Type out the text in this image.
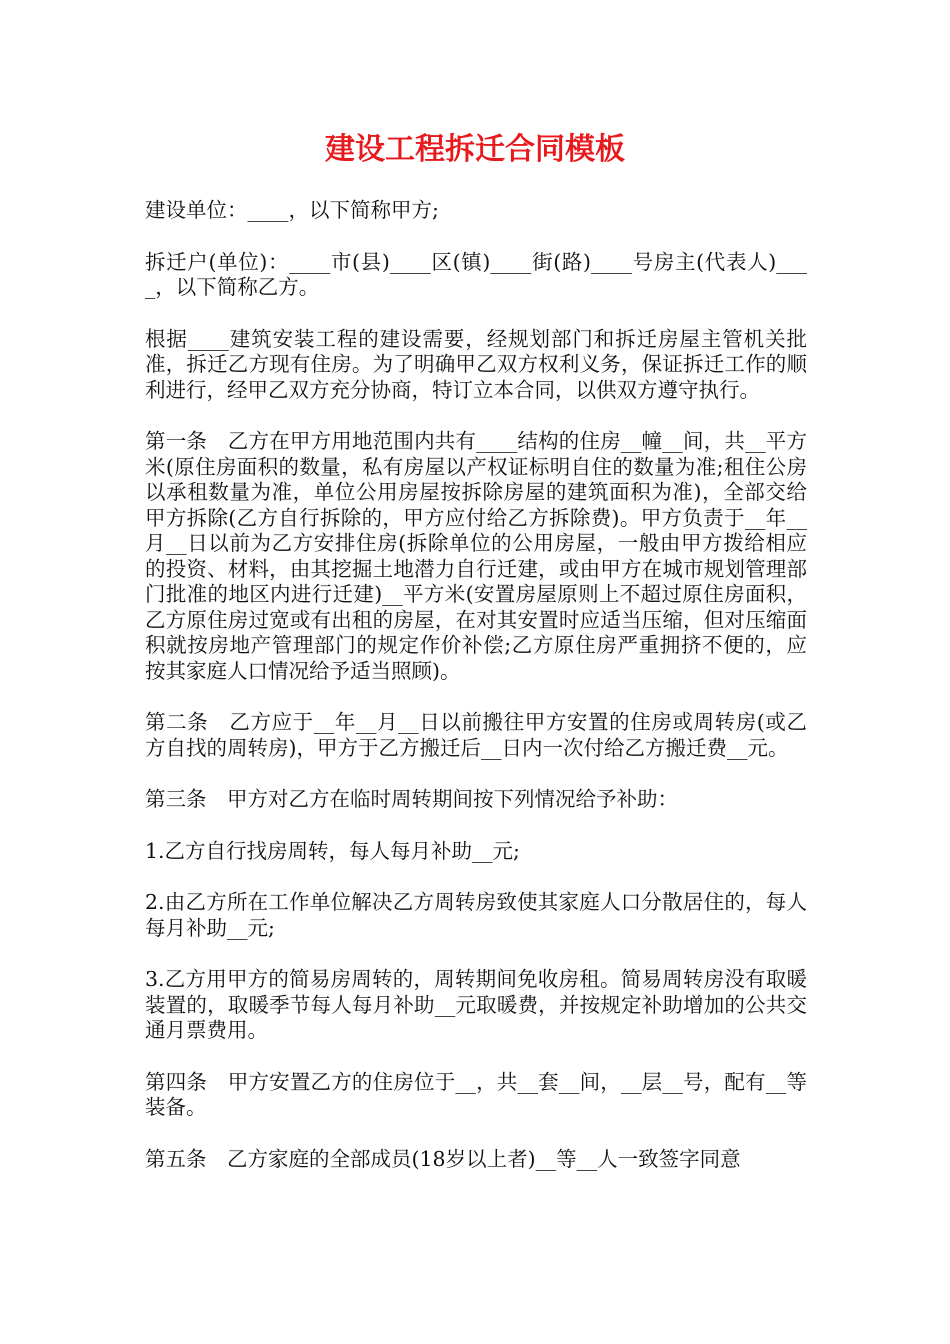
建设工程拆迁合同模板

建设单位：____，以下简称甲方;

拆迁户(单位)：____市(县)____区(镇)____街(路)____号房主(代表人)____，以下简称乙方。

根据____建筑安装工程的建设需要，经规划部门和拆迁房屋主管机关批准，拆迁乙方现有住房。为了明确甲乙双方权利义务，保证拆迁工作的顺利进行，经甲乙双方充分协商，特订立本合同，以供双方遵守执行。

第一条　乙方在甲方用地范围内共有____结构的住房__幢__间，共__平方米(原住房面积的数量，私有房屋以产权证标明自住的数量为准;租住公房以承租数量为准，单位公用房屋按拆除房屋的建筑面积为准)，全部交给甲方拆除(乙方自行拆除的，甲方应付给乙方拆除费)。甲方负责于__年__月__日以前为乙方安排住房(拆除单位的公用房屋，一般由甲方拨给相应的投资、材料，由其挖掘土地潜力自行迁建，或由甲方在城市规划管理部门批准的地区内进行迁建)__平方米(安置房屋原则上不超过原住房面积，乙方原住房过宽或有出租的房屋，在对其安置时应适当压缩，但对压缩面积就按房地产管理部门的规定作价补偿;乙方原住房严重拥挤不便的，应按其家庭人口情况给予适当照顾)。

第二条　乙方应于__年__月__日以前搬往甲方安置的住房或周转房(或乙方自找的周转房)，甲方于乙方搬迁后__日内一次付给乙方搬迁费__元。

第三条　甲方对乙方在临时周转期间按下列情况给予补助：

1.乙方自行找房周转，每人每月补助__元;

2.由乙方所在工作单位解决乙方周转房致使其家庭人口分散居住的，每人每月补助__元;

3.乙方用甲方的简易房周转的，周转期间免收房租。简易周转房没有取暖装置的，取暖季节每人每月补助__元取暖费，并按规定补助增加的公共交通月票费用。

第四条　甲方安置乙方的住房位于__，共__套__间，__层__号，配有__等装备。

第五条　乙方家庭的全部成员(18岁以上者)__等__人一致签字同意
